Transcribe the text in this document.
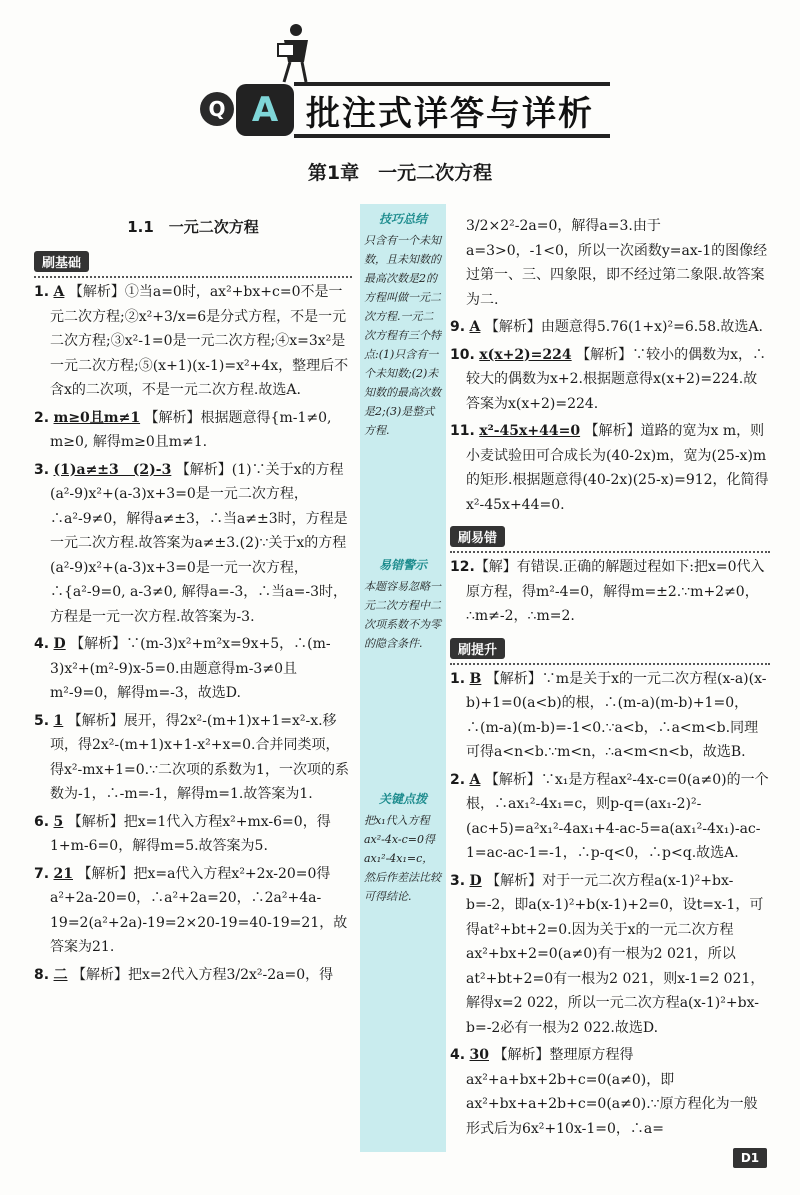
Q A 批注式详答与详析
第1章　一元二次方程
1.1　一元二次方程
刷基础
1. A 【解析】①当a=0时，ax²+bx+c=0不是一元二次方程;②x²+3/x=6是分式方程，不是一元二次方程;③x²-1=0是一元二次方程;④x=3x²是一元二次方程;⑤(x+1)(x-1)=x²+4x，整理后不含x的二次项，不是一元二次方程.故选A.
2. m≥0且m≠1 【解析】根据题意得{m-1≠0, m≥0, 解得m≥0且m≠1.
3. (1)a≠±3　(2)-3 【解析】(1)∵关于x的方程(a²-9)x²+(a-3)x+3=0是一元二次方程，∴a²-9≠0，解得a≠±3，∴当a≠±3时，方程是一元二次方程.故答案为a≠±3.(2)∵关于x的方程(a²-9)x²+(a-3)x+3=0是一元一次方程，∴{a²-9=0, a-3≠0, 解得a=-3，∴当a=-3时，方程是一元一次方程.故答案为-3.
4. D 【解析】∵(m-3)x²+m²x=9x+5，∴(m-3)x²+(m²-9)x-5=0.由题意得m-3≠0且m²-9=0，解得m=-3，故选D.
5. 1 【解析】展开，得2x²-(m+1)x+1=x²-x.移项，得2x²-(m+1)x+1-x²+x=0.合并同类项，得x²-mx+1=0.∵二次项的系数为1，一次项的系数为-1，∴-m=-1，解得m=1.故答案为1.
6. 5 【解析】把x=1代入方程x²+mx-6=0，得1+m-6=0，解得m=5.故答案为5.
7. 21 【解析】把x=a代入方程x²+2x-20=0得a²+2a-20=0，∴a²+2a=20，∴2a²+4a-19=2(a²+2a)-19=2×20-19=40-19=21，故答案为21.
8. 二 【解析】把x=2代入方程3/2x²-2a=0，得
技巧总结
只含有一个未知数，且未知数的最高次数是2的方程叫做一元二次方程.一元二次方程有三个特点:(1)只含有一个未知数;(2)未知数的最高次数是2;(3)是整式方程.
易错警示
本题容易忽略一元二次方程中二次项系数不为零的隐含条件.
关键点拨
把x₁代入方程ax²-4x-c=0得ax₁²-4x₁=c，然后作差法比较可得结论.
3/2×2²-2a=0，解得a=3.由于a=3>0，-1<0，所以一次函数y=ax-1的图像经过第一、三、四象限，即不经过第二象限.故答案为二.
9. A 【解析】由题意得5.76(1+x)²=6.58.故选A.
10. x(x+2)=224 【解析】∵较小的偶数为x，∴较大的偶数为x+2.根据题意得x(x+2)=224.故答案为x(x+2)=224.
11. x²-45x+44=0 【解析】道路的宽为x m，则小麦试验田可合成长为(40-2x)m，宽为(25-x)m的矩形.根据题意得(40-2x)(25-x)=912，化简得x²-45x+44=0.
刷易错
12.【解】有错误.正确的解题过程如下:把x=0代入原方程，得m²-4=0，解得m=±2.∵m+2≠0，∴m≠-2，∴m=2.
刷提升
1. B 【解析】∵m是关于x的一元二次方程(x-a)(x-b)+1=0(a<b)的根，∴(m-a)(m-b)+1=0，∴(m-a)(m-b)=-1<0.∵a<b，∴a<m<b.同理可得a<n<b.∵m<n，∴a<m<n<b，故选B.
2. A 【解析】∵x₁是方程ax²-4x-c=0(a≠0)的一个根，∴ax₁²-4x₁=c，则p-q=(ax₁-2)²-(ac+5)=a²x₁²-4ax₁+4-ac-5=a(ax₁²-4x₁)-ac-1=ac-ac-1=-1，∴p-q<0，∴p<q.故选A.
3. D 【解析】对于一元二次方程a(x-1)²+bx-b=-2，即a(x-1)²+b(x-1)+2=0，设t=x-1，可得at²+bt+2=0.因为关于x的一元二次方程ax²+bx+2=0(a≠0)有一根为2 021，所以at²+bt+2=0有一根为2 021，则x-1=2 021，解得x=2 022，所以一元二次方程a(x-1)²+bx-b=-2必有一根为2 022.故选D.
4. 30 【解析】整理原方程得ax²+a+bx+2b+c=0(a≠0)，即ax²+bx+a+2b+c=0(a≠0).∵原方程化为一般形式后为6x²+10x-1=0，∴a=
D1
